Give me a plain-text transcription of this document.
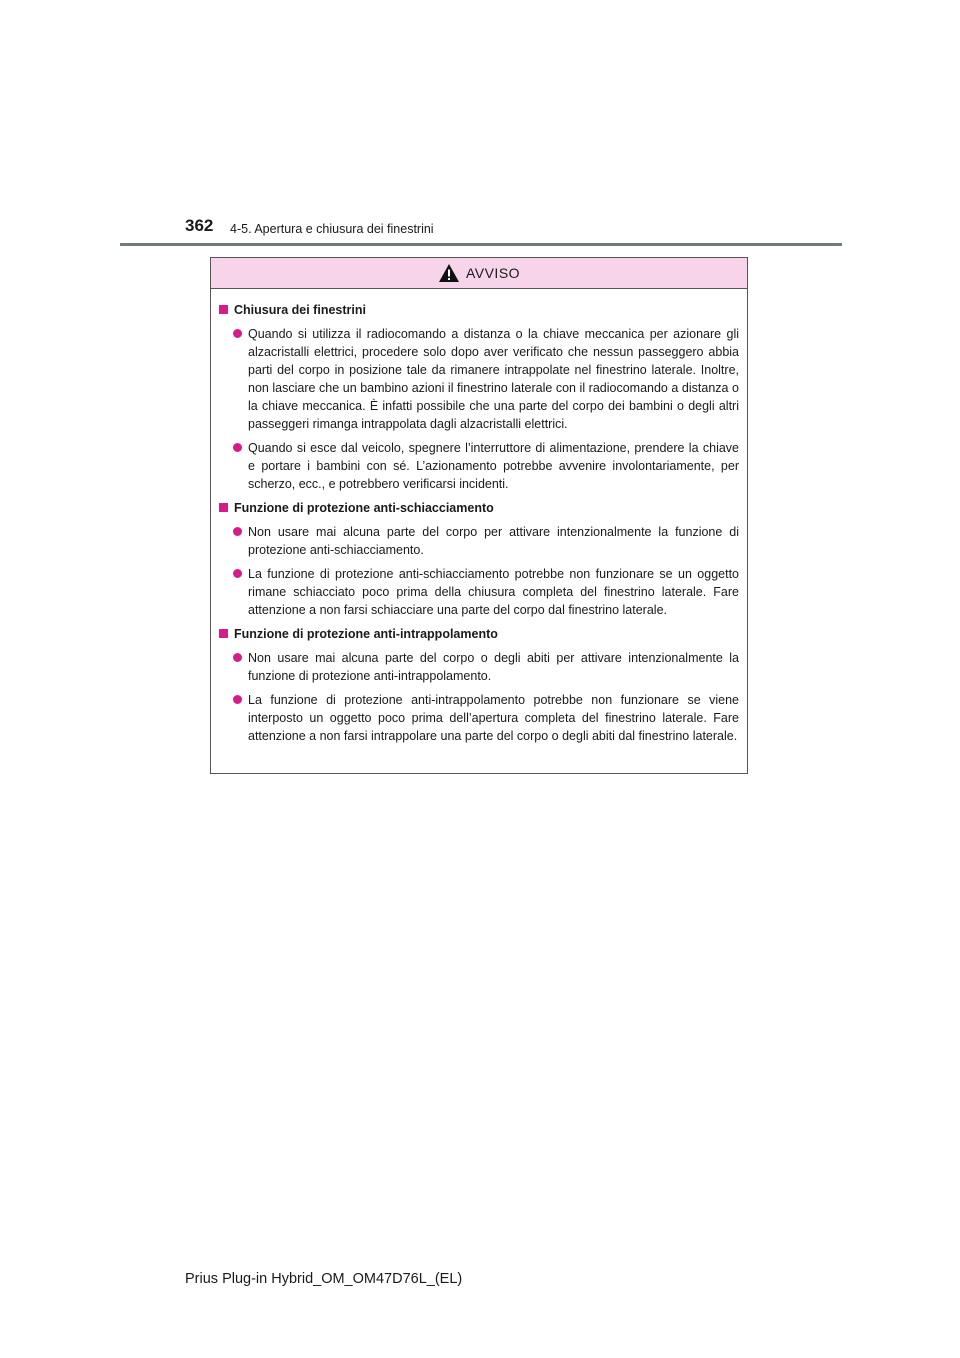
362 4-5. Apertura e chiusura dei finestrini
AVVISO
Chiusura dei finestrini
Quando si utilizza il radiocomando a distanza o la chiave meccanica per azionare gli alzacristalli elettrici, procedere solo dopo aver verificato che nessun passeggero abbia parti del corpo in posizione tale da rimanere intrappolate nel finestrino laterale. Inoltre, non lasciare che un bambino azioni il finestrino laterale con il radiocomando a distanza o la chiave meccanica. È infatti possibile che una parte del corpo dei bambini o degli altri passeggeri rimanga intrappolata dagli alzacristalli elettrici.
Quando si esce dal veicolo, spegnere l’interruttore di alimentazione, prendere la chiave e portare i bambini con sé. L’azionamento potrebbe avvenire involontariamente, per scherzo, ecc., e potrebbero verificarsi incidenti.
Funzione di protezione anti-schiacciamento
Non usare mai alcuna parte del corpo per attivare intenzionalmente la funzione di protezione anti-schiacciamento.
La funzione di protezione anti-schiacciamento potrebbe non funzionare se un oggetto rimane schiacciato poco prima della chiusura completa del finestrino laterale. Fare attenzione a non farsi schiacciare una parte del corpo dal finestrino laterale.
Funzione di protezione anti-intrappolamento
Non usare mai alcuna parte del corpo o degli abiti per attivare intenzionalmente la funzione di protezione anti-intrappolamento.
La funzione di protezione anti-intrappolamento potrebbe non funzionare se viene interposto un oggetto poco prima dell’apertura completa del finestrino laterale. Fare attenzione a non farsi intrappolare una parte del corpo o degli abiti dal finestrino laterale.
Prius Plug-in Hybrid_OM_OM47D76L_(EL)
